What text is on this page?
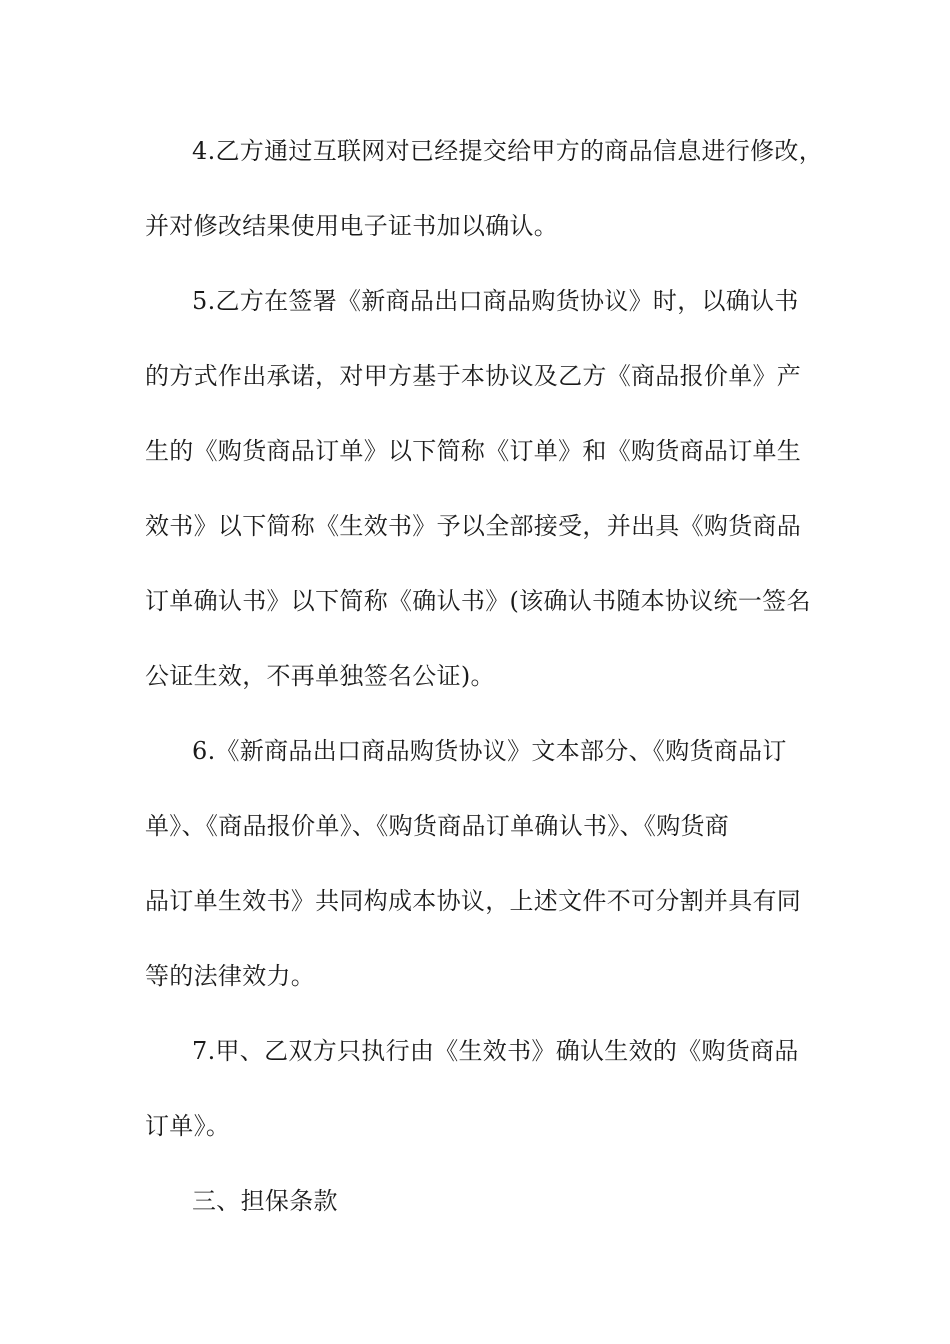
4.乙方通过互联网对已经提交给甲方的商品信息进行修改，
并对修改结果使用电子证书加以确认。
5.乙方在签署《新商品出口商品购货协议》时，以确认书
的方式作出承诺，对甲方基于本协议及乙方《商品报价单》产
生的《购货商品订单》以下简称《订单》和《购货商品订单生
效书》以下简称《生效书》予以全部接受，并出具《购货商品
订单确认书》以下简称《确认书》(该确认书随本协议统一签名
公证生效，不再单独签名公证)。
6.《新商品出口商品购货协议》文本部分、《购货商品订
单》、《商品报价单》、《购货商品订单确认书》、《购货商
品订单生效书》共同构成本协议，上述文件不可分割并具有同
等的法律效力。
7.甲、乙双方只执行由《生效书》确认生效的《购货商品
订单》。
三、担保条款
